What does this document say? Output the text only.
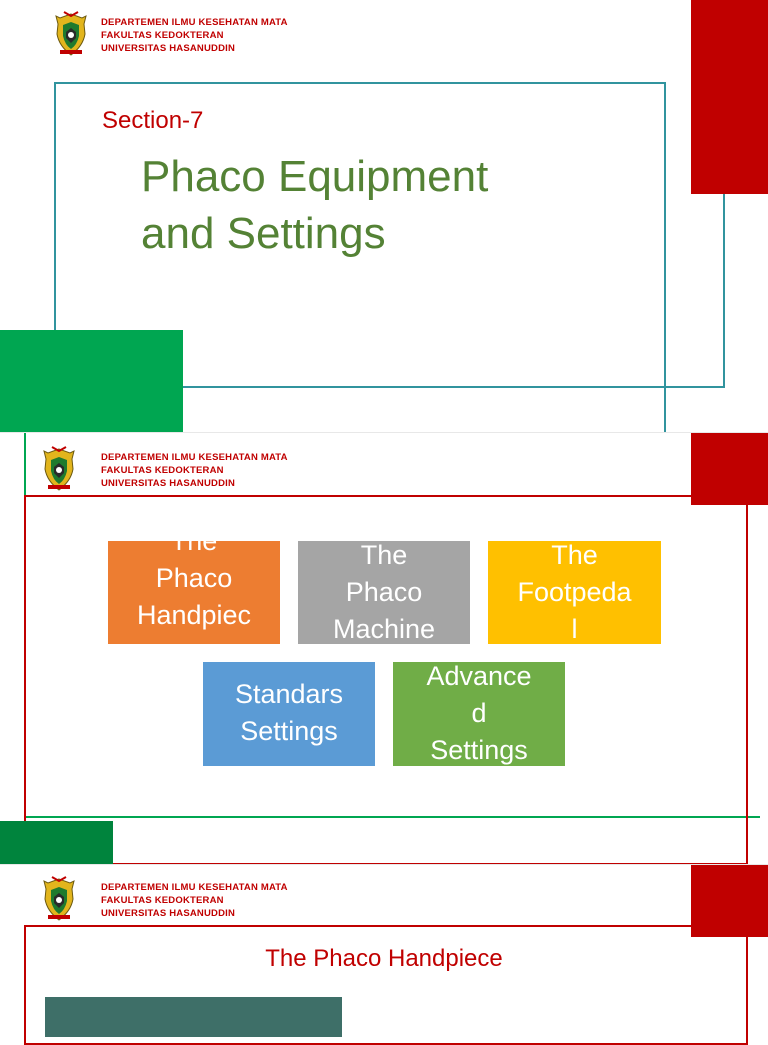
DEPARTEMEN ILMU KESEHATAN MATA
FAKULTAS KEDOKTERAN
UNIVERSITAS HASANUDDIN
Section-7
Phaco Equipment
and Settings
DEPARTEMEN ILMU KESEHATAN MATA
FAKULTAS KEDOKTERAN
UNIVERSITAS HASANUDDIN
The
Phaco
Handpiec
e
The
Phaco
Machine
The
Footpeda
l
Standars
Settings
Advance
d
Settings
DEPARTEMEN ILMU KESEHATAN MATA
FAKULTAS KEDOKTERAN
UNIVERSITAS HASANUDDIN
The Phaco Handpiece
